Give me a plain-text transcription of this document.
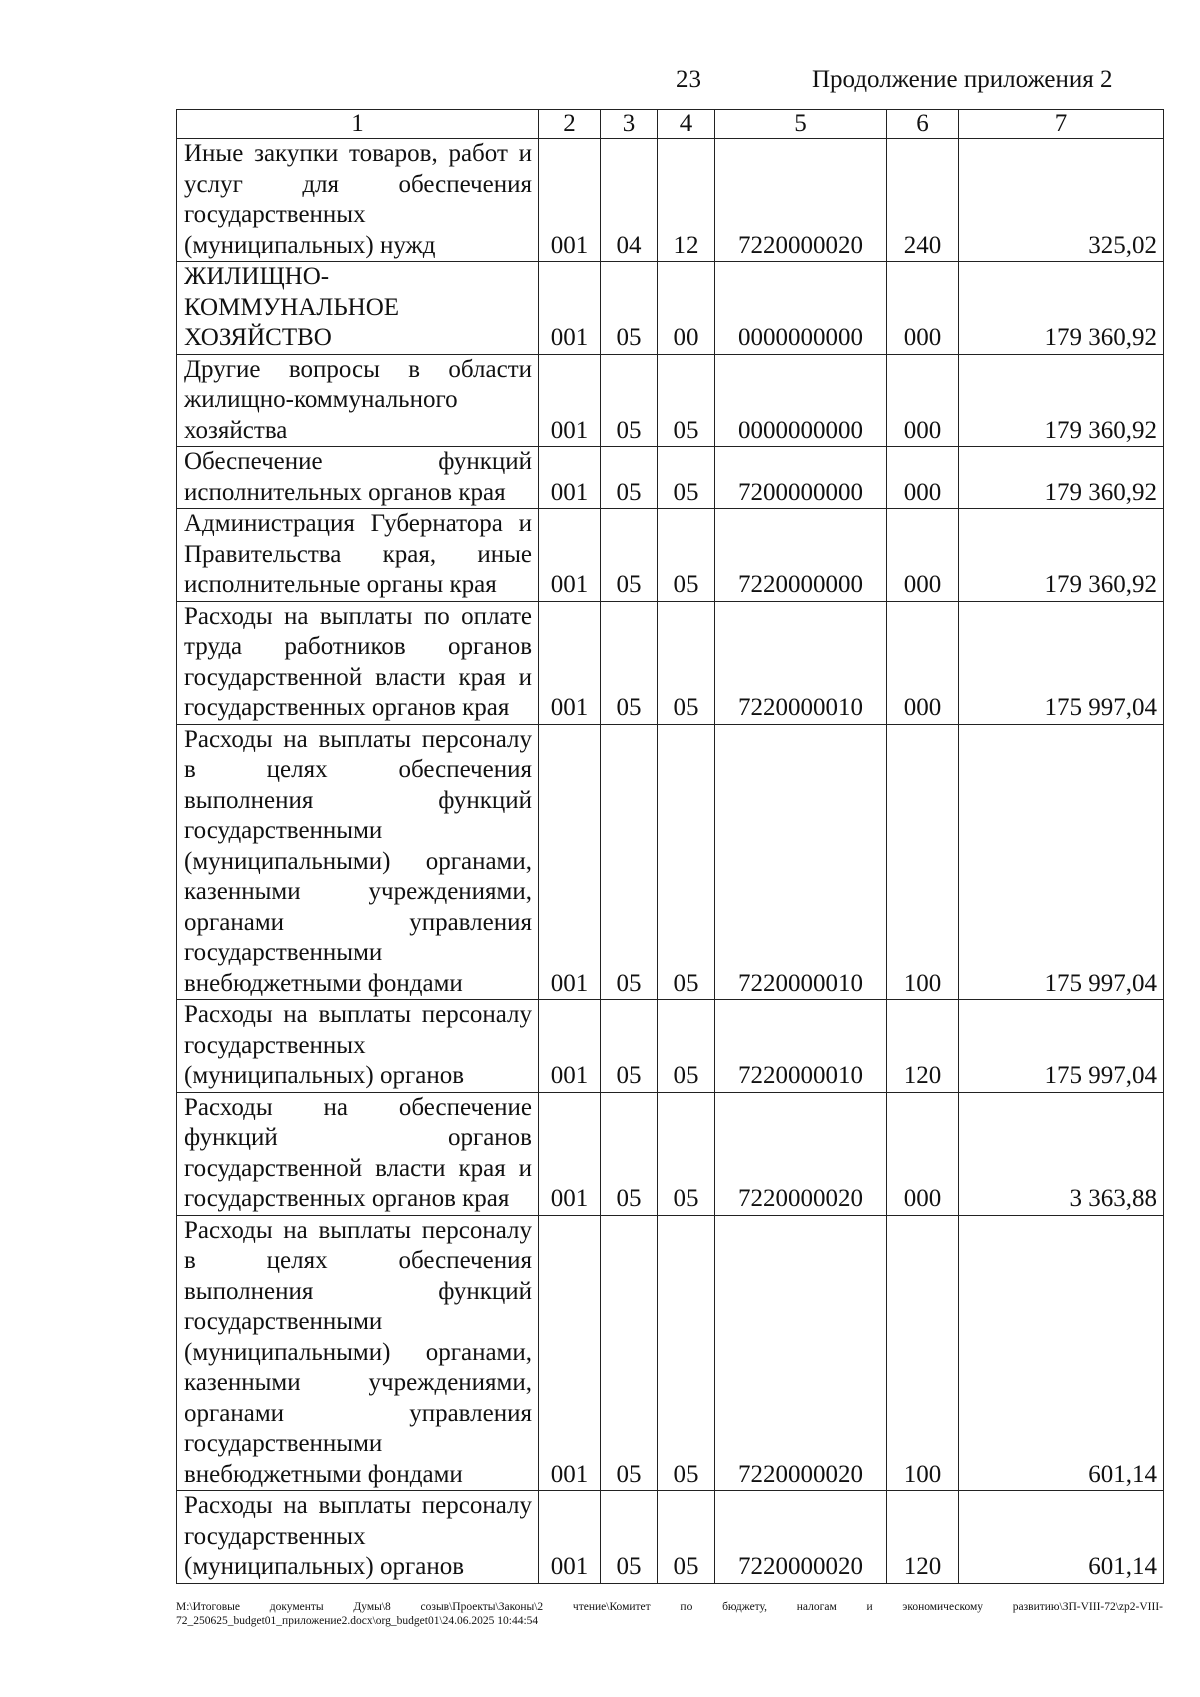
23	Продолжение приложения 2
1	2	3	4	5	6	7
Иные закупки товаров, работ и услуг для обеспечения государственных (муниципальных) нужд	001	04	12	7220000020	240	325,02
ЖИЛИЩНО-КОММУНАЛЬНОЕ ХОЗЯЙСТВО	001	05	00	0000000000	000	179 360,92
Другие вопросы в области жилищно-коммунального хозяйства	001	05	05	0000000000	000	179 360,92
Обеспечение функций исполнительных органов края	001	05	05	7200000000	000	179 360,92
Администрация Губернатора и Правительства края, иные исполнительные органы края	001	05	05	7220000000	000	179 360,92
Расходы на выплаты по оплате труда работников органов государственной власти края и государственных органов края	001	05	05	7220000010	000	175 997,04
Расходы на выплаты персоналу в целях обеспечения выполнения функций государственными (муниципальными) органами, казенными учреждениями, органами управления государственными внебюджетными фондами	001	05	05	7220000010	100	175 997,04
Расходы на выплаты персоналу государственных (муниципальных) органов	001	05	05	7220000010	120	175 997,04
Расходы на обеспечение функций органов государственной власти края и государственных органов края	001	05	05	7220000020	000	3 363,88
Расходы на выплаты персоналу в целях обеспечения выполнения функций государственными (муниципальными) органами, казенными учреждениями, органами управления государственными внебюджетными фондами	001	05	05	7220000020	100	601,14
Расходы на выплаты персоналу государственных (муниципальных) органов	001	05	05	7220000020	120	601,14
М:\Итоговые документы Думы\8 созыв\Проекты\Законы\2 чтение\Комитет по бюджету, налогам и экономическому развитию\ЗП-VIII-72\zp2-VIII-72_250625_budget01_приложение2.docx\org_budget01\24.06.2025 10:44:54
